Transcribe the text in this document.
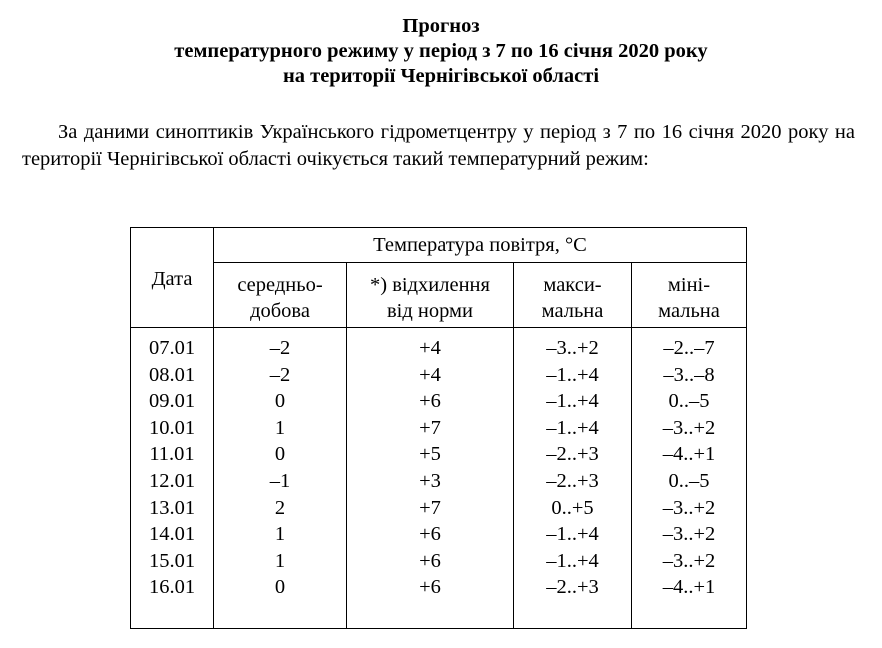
Прогноз
температурного режиму у період з 7 по 16 січня 2020 року
на території Чернігівської області
За даними синоптиків Українського гідрометцентру у період з 7 по 16 січня 2020 року на території Чернігівської області очікується такий температурний режим:
Дата
Температура повітря, °С
середньо-
добова
*) відхилення
від норми
макси-
мальна
міні-
мальна
07.01
08.01
09.01
10.01
11.01
12.01
13.01
14.01
15.01
16.01
–2
–2
0
1
0
–1
2
1
1
0
+4
+4
+6
+7
+5
+3
+7
+6
+6
+6
–3..+2
–1..+4
–1..+4
–1..+4
–2..+3
–2..+3
0..+5
–1..+4
–1..+4
–2..+3
–2..–7
–3..–8
0..–5
–3..+2
–4..+1
0..–5
–3..+2
–3..+2
–3..+2
–4..+1
